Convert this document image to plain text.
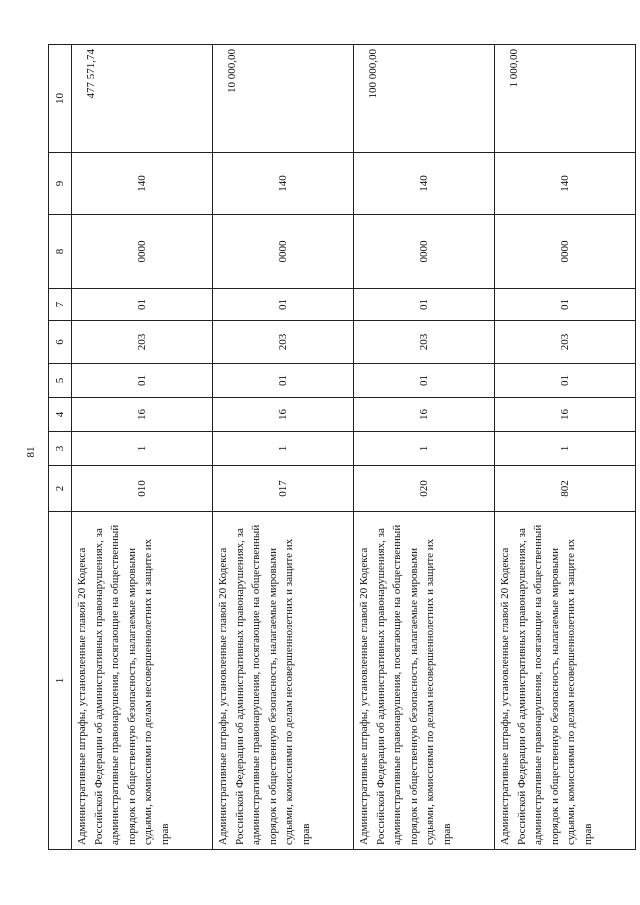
81
1	2	3	4	5	6	7	8	9	10
Административные штрафы, установленные главой 20 Кодекса Российской Федерации об административных правонарушениях, за административные правонарушения, посягающие на общественный порядок и общественную безопасность, налагаемые мировыми судьями, комиссиями по делам несовершеннолетних и защите их прав	010	1	16	01	203	01	0000	140	477 571,74
Административные штрафы, установленные главой 20 Кодекса Российской Федерации об административных правонарушениях, за административные правонарушения, посягающие на общественный порядок и общественную безопасность, налагаемые мировыми судьями, комиссиями по делам несовершеннолетних и защите их прав	017	1	16	01	203	01	0000	140	10 000,00
Административные штрафы, установленные главой 20 Кодекса Российской Федерации об административных правонарушениях, за административные правонарушения, посягающие на общественный порядок и общественную безопасность, налагаемые мировыми судьями, комиссиями по делам несовершеннолетних и защите их прав	020	1	16	01	203	01	0000	140	100 000,00
Административные штрафы, установленные главой 20 Кодекса Российской Федерации об административных правонарушениях, за административные правонарушения, посягающие на общественный порядок и общественную безопасность, налагаемые мировыми судьями, комиссиями по делам несовершеннолетних и защите их прав	802	1	16	01	203	01	0000	140	1 000,00
